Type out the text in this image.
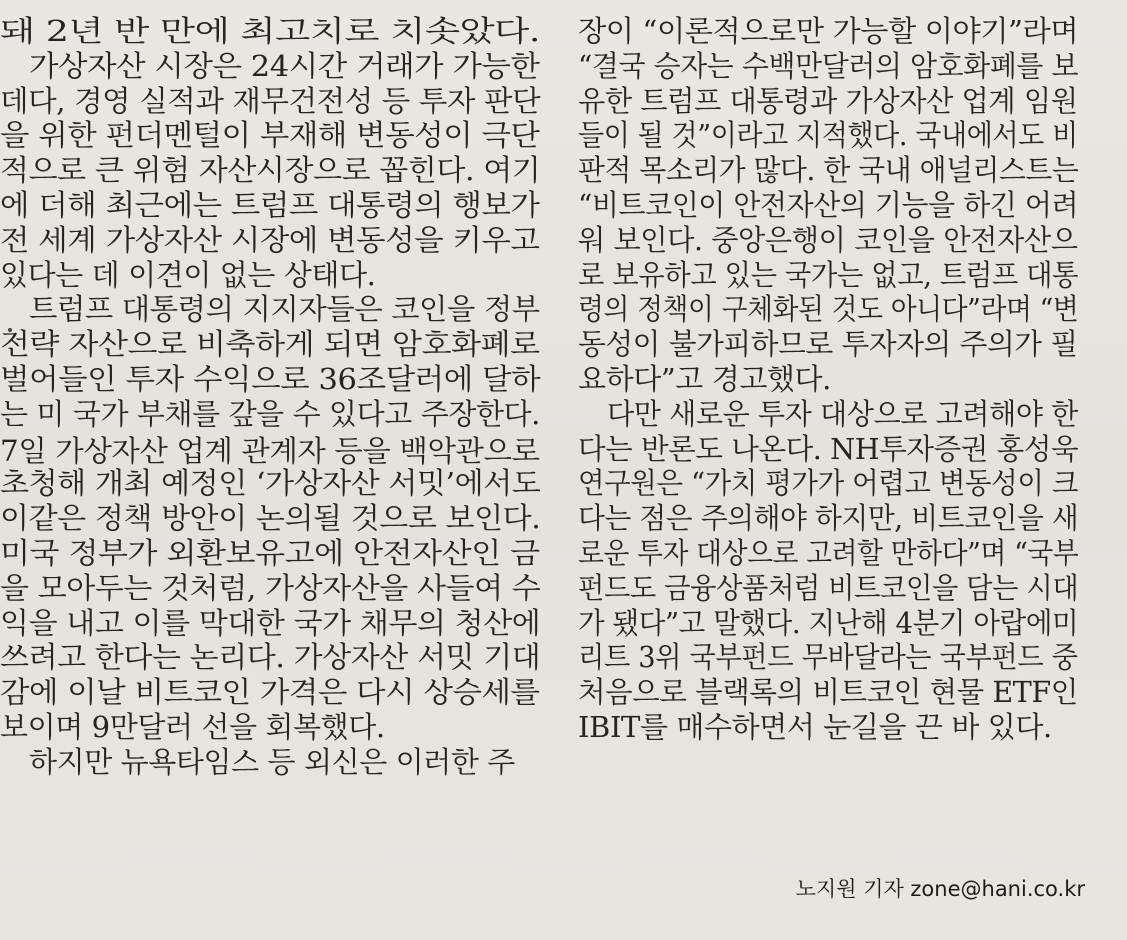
돼 2년 반 만에 최고치로 치솟았다.
가상자산 시장은 24시간 거래가 가능한
데다, 경영 실적과 재무건전성 등 투자 판단
을 위한 펀더멘털이 부재해 변동성이 극단
적으로 큰 위험 자산시장으로 꼽힌다. 여기
에 더해 최근에는 트럼프 대통령의 행보가
전 세계 가상자산 시장에 변동성을 키우고
있다는 데 이견이 없는 상태다.
트럼프 대통령의 지지자들은 코인을 정부
전략 자산으로 비축하게 되면 암호화폐로
벌어들인 투자 수익으로 36조달러에 달하
는 미 국가 부채를 갚을 수 있다고 주장한다.
7일 가상자산 업계 관계자 등을 백악관으로
초청해 개최 예정인 ‘가상자산 서밋’에서도
이같은 정책 방안이 논의될 것으로 보인다.
미국 정부가 외환보유고에 안전자산인 금
을 모아두는 것처럼, 가상자산을 사들여 수
익을 내고 이를 막대한 국가 채무의 청산에
쓰려고 한다는 논리다. 가상자산 서밋 기대
감에 이날 비트코인 가격은 다시 상승세를
보이며 9만달러 선을 회복했다.
하지만 뉴욕타임스 등 외신은 이러한 주
장이 “이론적으로만 가능할 이야기”라며
“결국 승자는 수백만달러의 암호화폐를 보
유한 트럼프 대통령과 가상자산 업계 임원
들이 될 것”이라고 지적했다. 국내에서도 비
판적 목소리가 많다. 한 국내 애널리스트는
“비트코인이 안전자산의 기능을 하긴 어려
워 보인다. 중앙은행이 코인을 안전자산으
로 보유하고 있는 국가는 없고, 트럼프 대통
령의 정책이 구체화된 것도 아니다”라며 “변
동성이 불가피하므로 투자자의 주의가 필
요하다”고 경고했다.
다만 새로운 투자 대상으로 고려해야 한
다는 반론도 나온다. NH투자증권 홍성욱
연구원은 “가치 평가가 어렵고 변동성이 크
다는 점은 주의해야 하지만, 비트코인을 새
로운 투자 대상으로 고려할 만하다”며 “국부
펀드도 금융상품처럼 비트코인을 담는 시대
가 됐다”고 말했다. 지난해 4분기 아랍에미
리트 3위 국부펀드 무바달라는 국부펀드 중
처음으로 블랙록의 비트코인 현물 ETF인
IBIT를 매수하면서 눈길을 끈 바 있다.
노지원 기자 zone@hani.co.kr
